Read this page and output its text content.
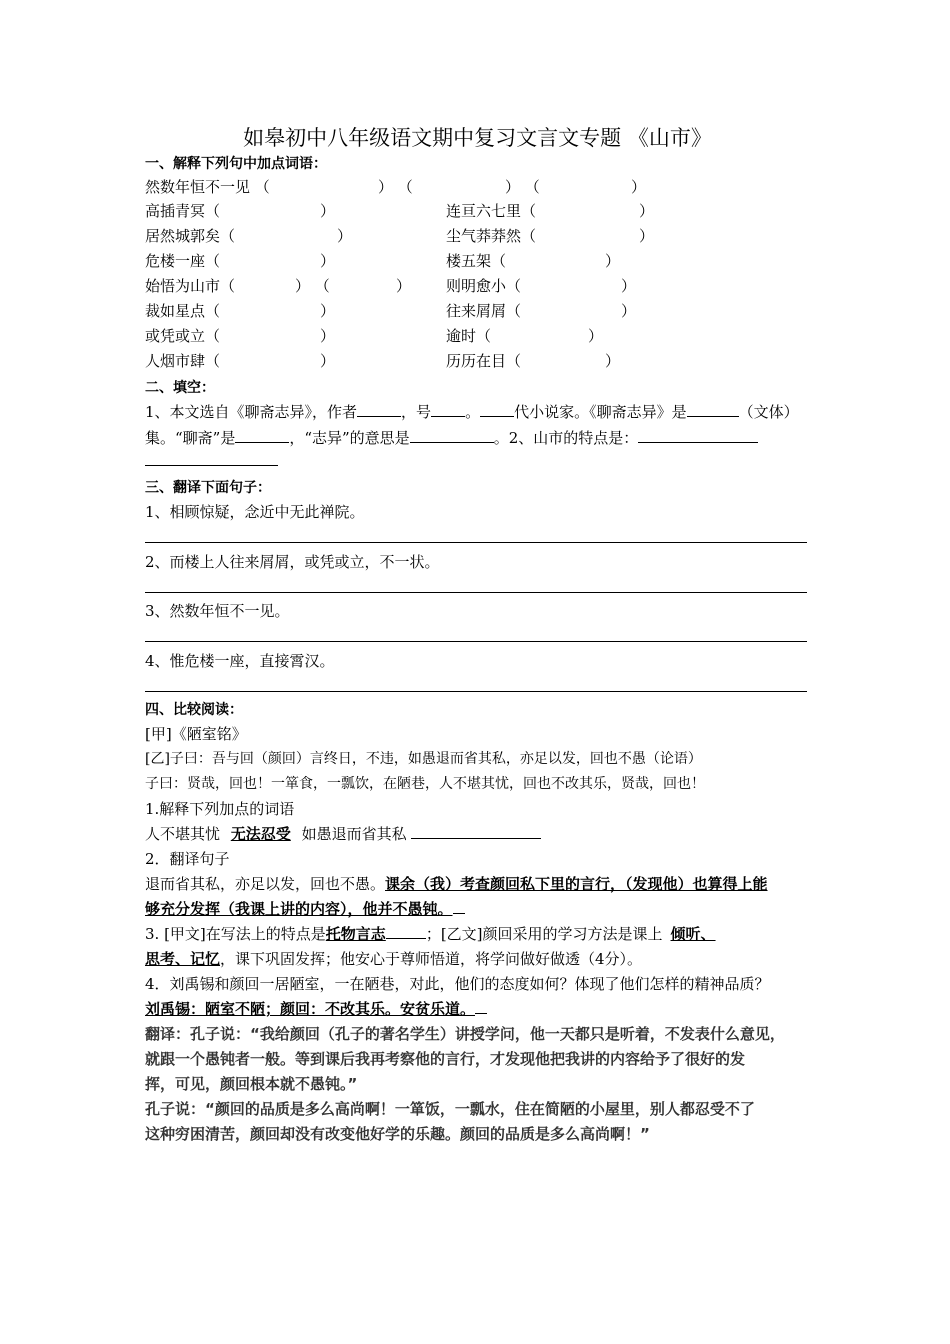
如皋初中八年级语文期中复习文言文专题 《山市》
一、解释下列句中加点词语：
然数年恒不一见 （	） （	） （	）
高插青冥（	）	连亘六七里（	）
居然城郭矣（	）	尘气莽莽然（	）
危楼一座（	）	楼五架（	）
始悟为山市（	） （	） 则明愈小（	）
裁如星点（	）	往来屑屑（	）
或凭或立（	）	逾时（	）
人烟市肆（	）	历历在目（	）
二、填空：
1、本文选自《聊斋志异》，作者	，号 。 代小说家。《聊斋志异》是	（文体）
集。“聊斋”是	，“志异”的意思是	。2、山市的特点是：
三、翻译下面句子：
1、相顾惊疑，念近中无此禅院。
2、而楼上人往来屑屑，或凭或立，不一状。
3、然数年恒不一见。
4、惟危楼一座，直接霄汉。
四、比较阅读：
[甲]《陋室铭》
[乙]子曰：吾与回（颜回）言终日，不违，如愚退而省其私，亦足以发，回也不愚（论语）
子曰：贤哉，回也！一箪食，一瓢饮，在陋巷，人不堪其忧，回也不改其乐，贤哉，回也！
1.解释下列加点的词语
人不堪其忧 无法忍受 如愚退而省其私
2．翻译句子
退而省其私，亦足以发，回也不愚。课余（我）考查颜回私下里的言行，（发现他）也算得上能
够充分发挥（我课上讲的内容），他并不愚钝。
3. [甲文]在写法上的特点是托物言志	；[乙文]颜回采用的学习方法是课上 倾听、
思考、记忆，课下巩固发挥；他安心于尊师悟道，将学问做好做透（4分）。
4．刘禹锡和颜回一居陋室，一在陋巷，对此，他们的态度如何？体现了他们怎样的精神品质？
刘禹锡：陋室不陋；颜回：不改其乐。安贫乐道。
翻译：孔子说：“我给颜回（孔子的著名学生）讲授学问，他一天都只是听着，不发表什么意见，
就跟一个愚钝者一般。等到课后我再考察他的言行，才发现他把我讲的内容给予了很好的发
挥，可见，颜回根本就不愚钝。”
孔子说：“颜回的品质是多么高尚啊！一箪饭，一瓢水，住在简陋的小屋里，别人都忍受不了
这种穷困清苦，颜回却没有改变他好学的乐趣。颜回的品质是多么高尚啊！”
